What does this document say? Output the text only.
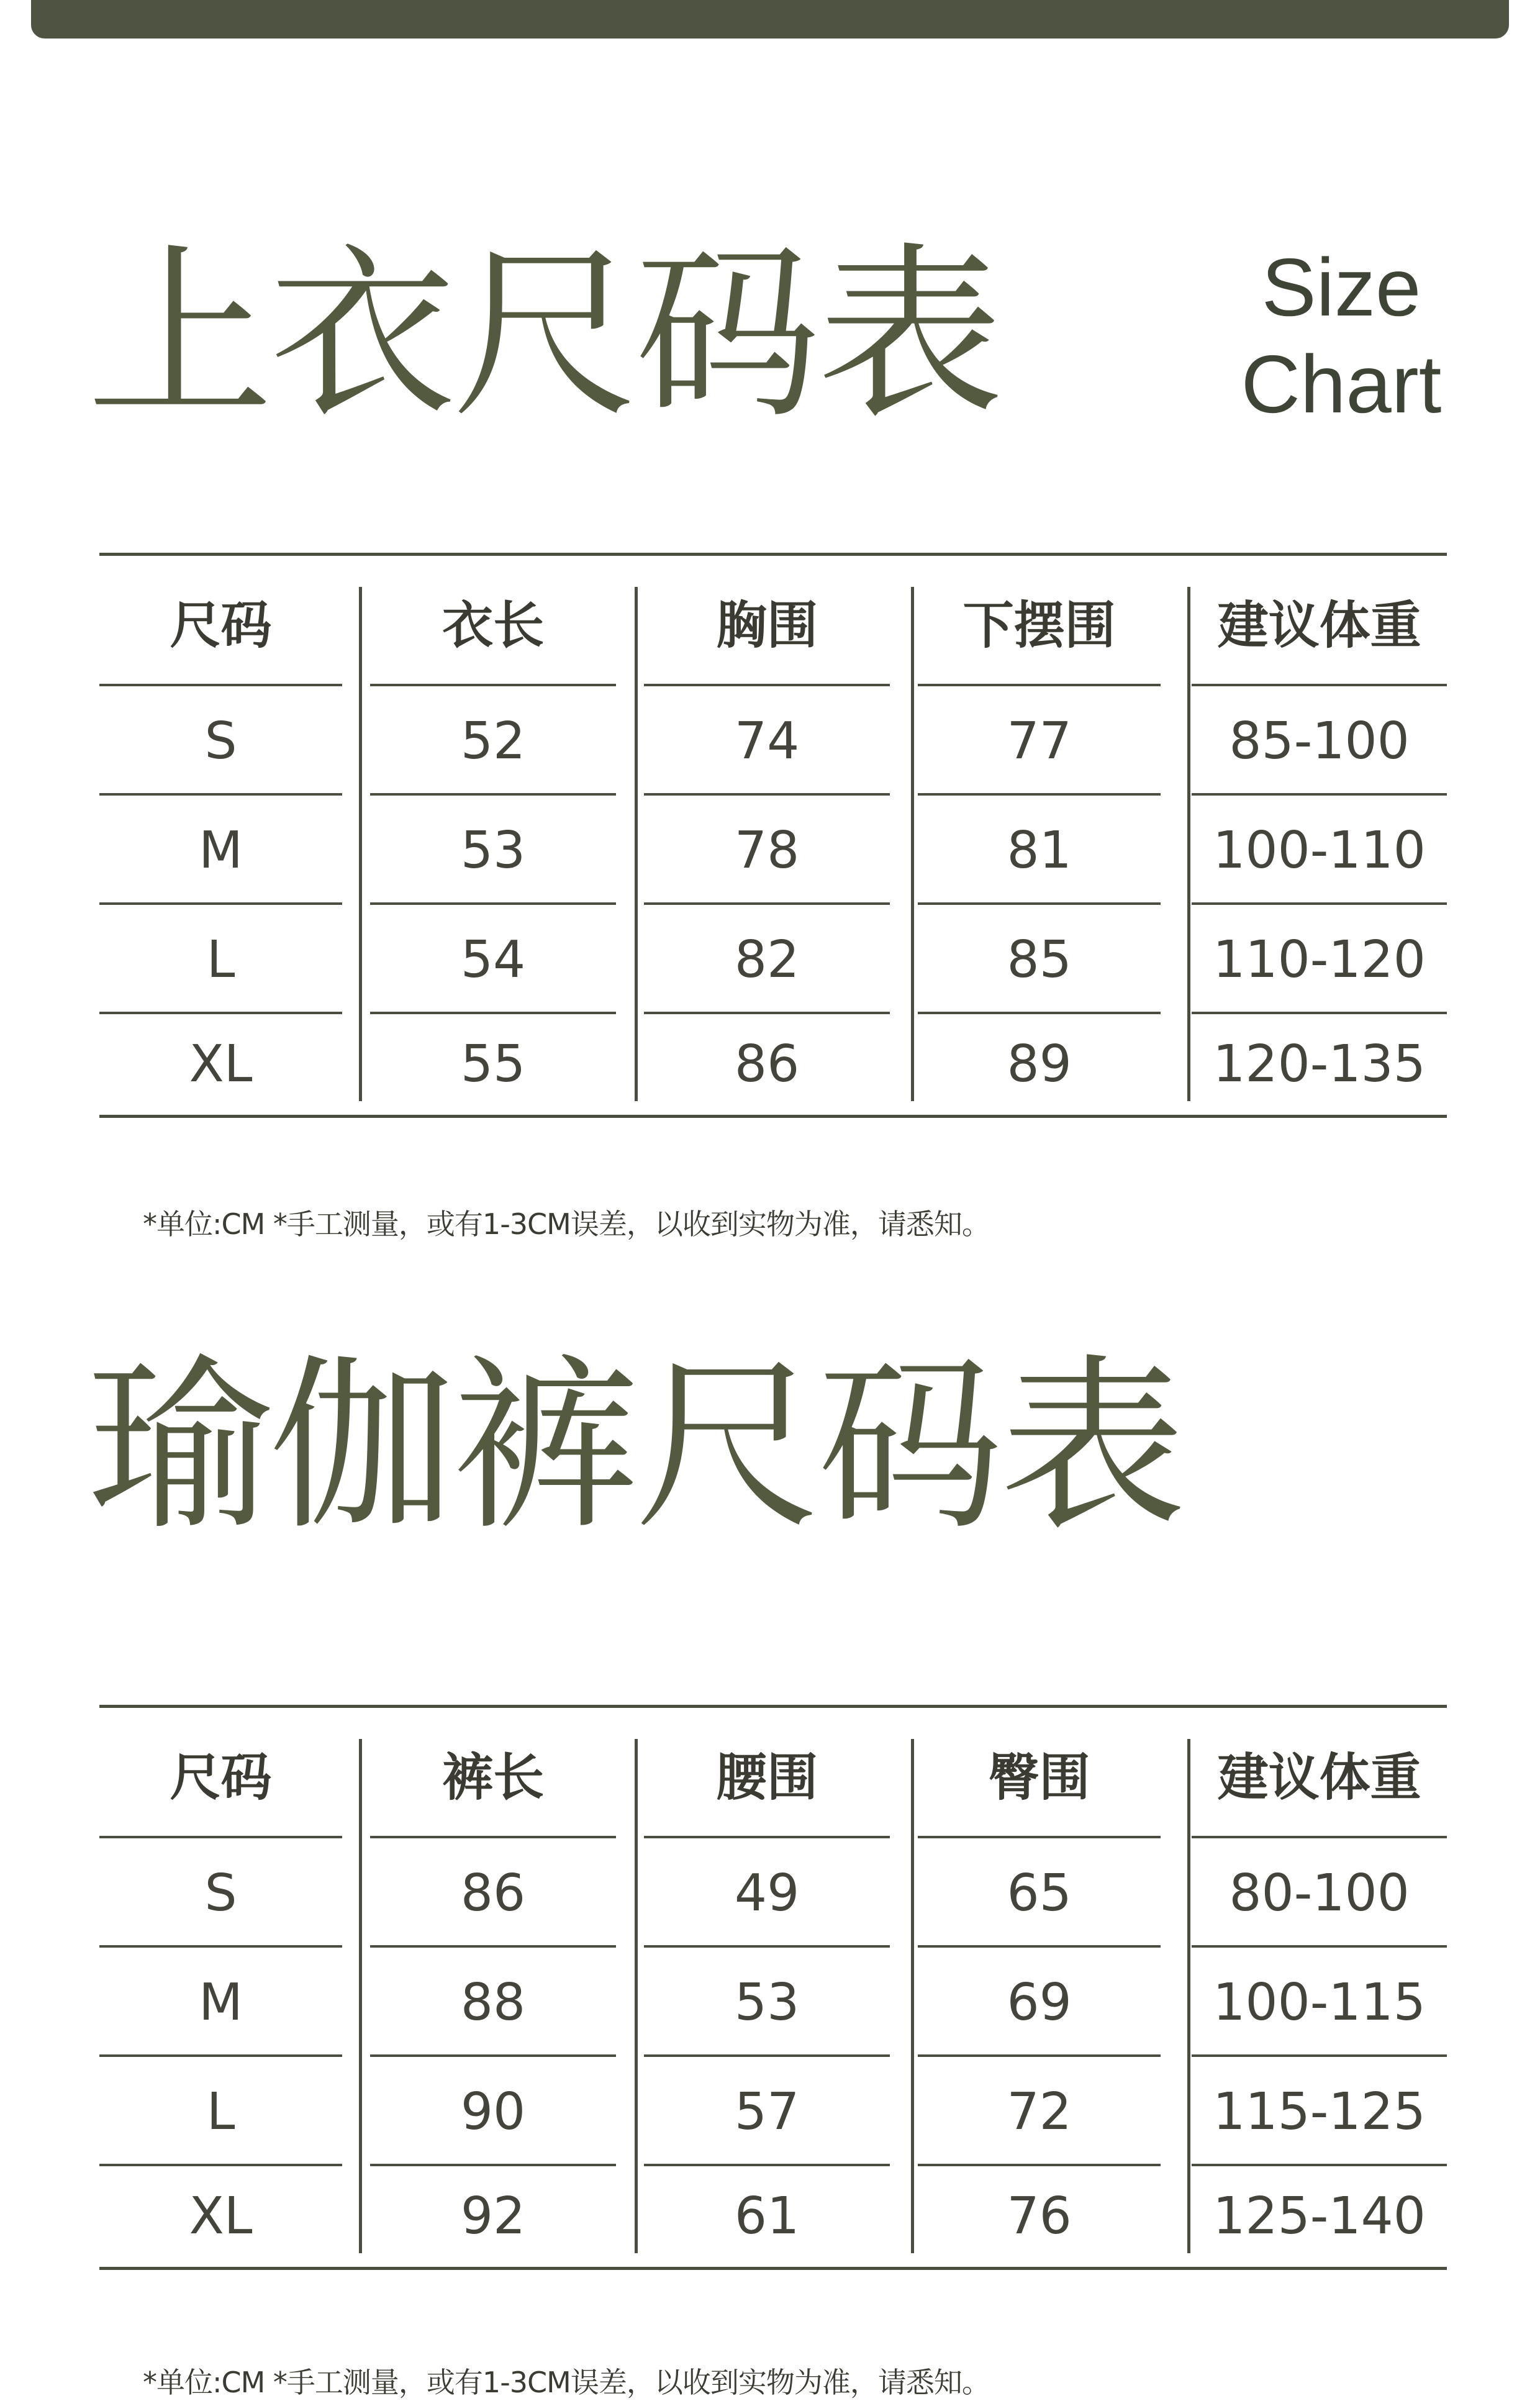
上衣尺码表	Size
Chart
尺码	衣长	胸围	下摆围	建议体重
S	52	74	77	85-100
M	53	78	81	100-110
L	54	82	85	110-120
XL	55	86	89	120-135
*单位:CM *手工测量，或有1-3CM误差，以收到实物为准，请悉知。
瑜伽裤尺码表
尺码	裤长	腰围	臀围	建议体重
S	86	49	65	80-100
M	88	53	69	100-115
L	90	57	72	115-125
XL	92	61	76	125-140
*单位:CM *手工测量，或有1-3CM误差，以收到实物为准，请悉知。
